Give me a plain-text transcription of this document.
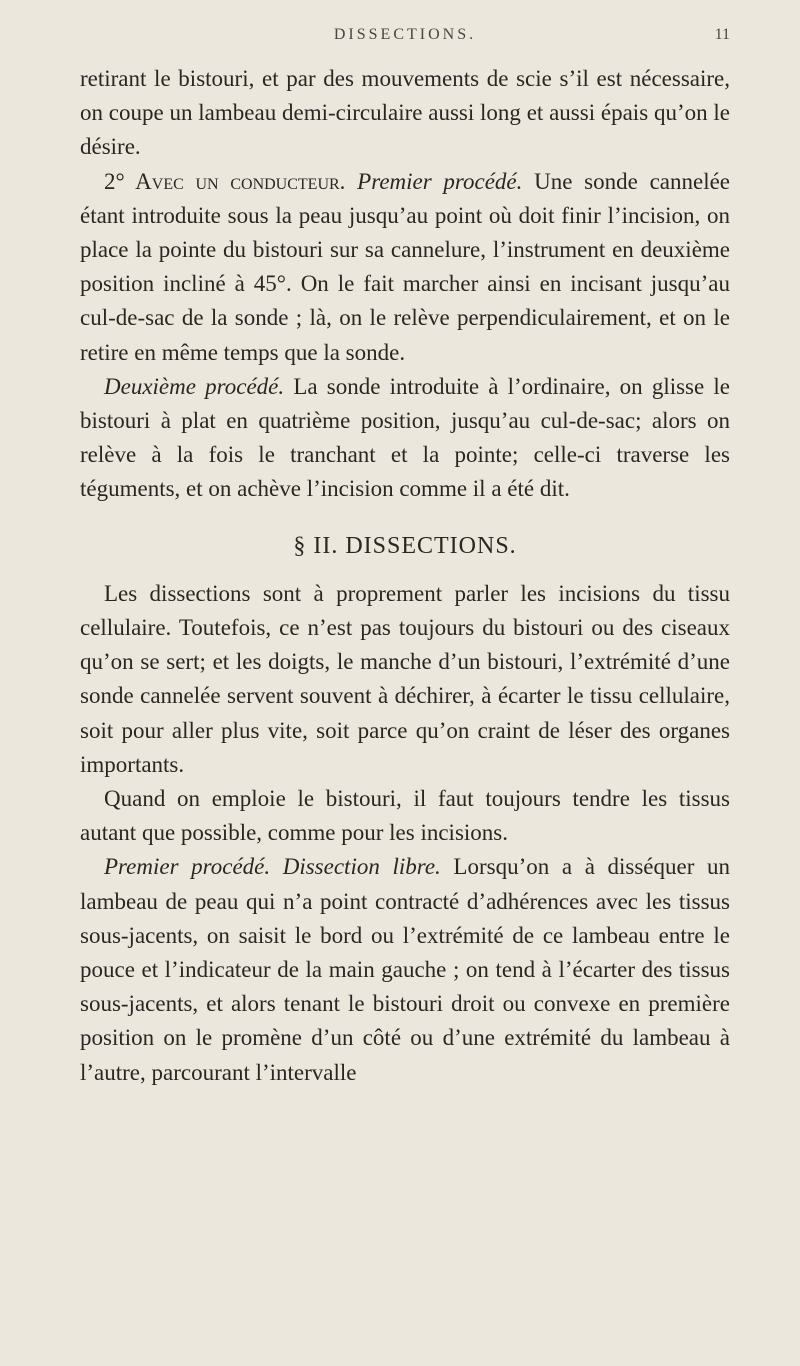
DISSECTIONS.	11

retirant le bistouri, et par des mouvements de scie s’il est nécessaire, on coupe un lambeau demi-circulaire aussi long et aussi épais qu’on le désire.

2° Avec un conducteur. Premier procédé. Une sonde cannelée étant introduite sous la peau jusqu’au point où doit finir l’incision, on place la pointe du bistouri sur sa cannelure, l’instrument en deuxième position incliné à 45°. On le fait marcher ainsi en incisant jusqu’au cul-de-sac de la sonde ; là, on le relève perpendiculairement, et on le retire en même temps que la sonde.

Deuxième procédé. La sonde introduite à l’ordinaire, on glisse le bistouri à plat en quatrième position, jusqu’au cul-de-sac; alors on relève à la fois le tranchant et la pointe; celle-ci traverse les téguments, et on achève l’incision comme il a été dit.

§ II. DISSECTIONS.

Les dissections sont à proprement parler les incisions du tissu cellulaire. Toutefois, ce n’est pas toujours du bistouri ou des ciseaux qu’on se sert; et les doigts, le manche d’un bistouri, l’extrémité d’une sonde cannelée servent souvent à déchirer, à écarter le tissu cellulaire, soit pour aller plus vite, soit parce qu’on craint de léser des organes importants.

Quand on emploie le bistouri, il faut toujours tendre les tissus autant que possible, comme pour les incisions.

Premier procédé. Dissection libre. Lorsqu’on a à disséquer un lambeau de peau qui n’a point contracté d’adhérences avec les tissus sous-jacents, on saisit le bord ou l’extrémité de ce lambeau entre le pouce et l’indicateur de la main gauche ; on tend à l’écarter des tissus sous-jacents, et alors tenant le bistouri droit ou convexe en première position on le promène d’un côté ou d’une extrémité du lambeau à l’autre, parcourant l’intervalle
